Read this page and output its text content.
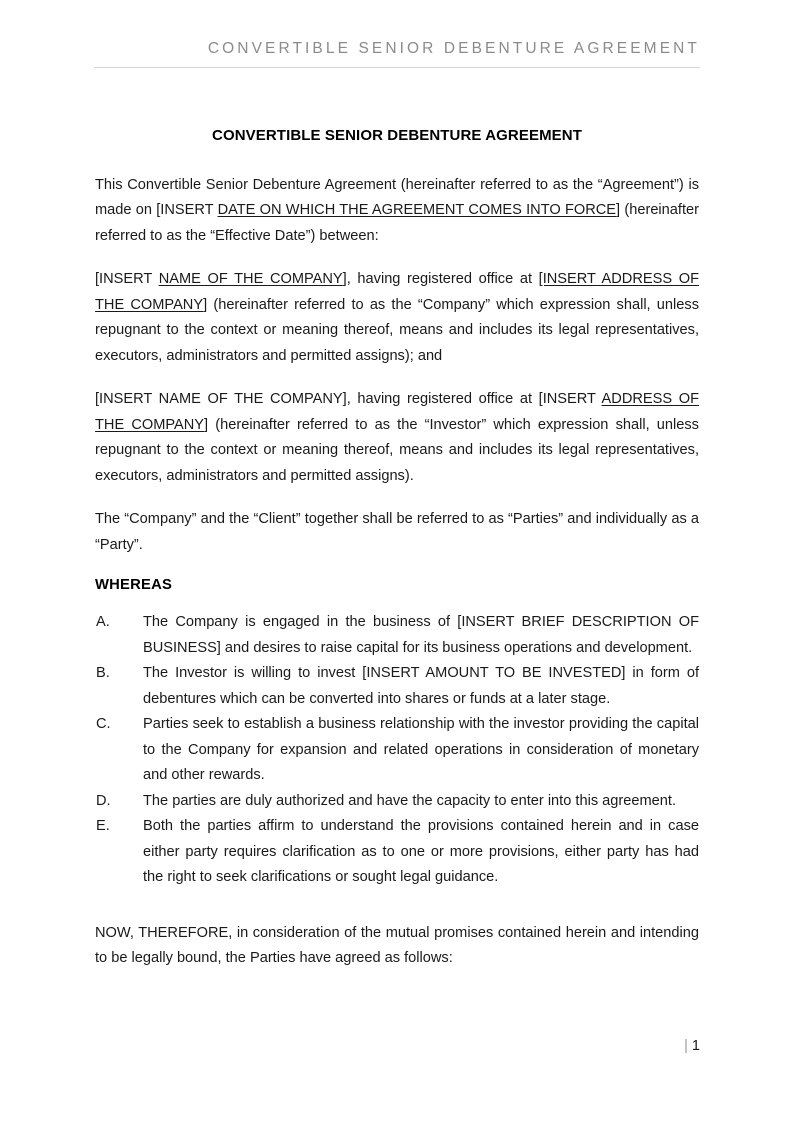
CONVERTIBLE SENIOR DEBENTURE AGREEMENT
CONVERTIBLE SENIOR DEBENTURE AGREEMENT

This Convertible Senior Debenture Agreement (hereinafter referred to as the “Agreement”) is made on [INSERT DATE ON WHICH THE AGREEMENT COMES INTO FORCE] (hereinafter referred to as the “Effective Date”) between:

[INSERT NAME OF THE COMPANY], having registered office at [INSERT ADDRESS OF THE COMPANY] (hereinafter referred to as the “Company” which expression shall, unless repugnant to the context or meaning thereof, means and includes its legal representatives, executors, administrators and permitted assigns); and

[INSERT NAME OF THE COMPANY], having registered office at [INSERT ADDRESS OF THE COMPANY] (hereinafter referred to as the “Investor” which expression shall, unless repugnant to the context or meaning thereof, means and includes its legal representatives, executors, administrators and permitted assigns).

The “Company” and the “Client” together shall be referred to as “Parties” and individually as a “Party”.

WHEREAS
A.	The Company is engaged in the business of [INSERT BRIEF DESCRIPTION OF BUSINESS] and desires to raise capital for its business operations and development.
B.	The Investor is willing to invest [INSERT AMOUNT TO BE INVESTED] in form of debentures which can be converted into shares or funds at a later stage.
C.	Parties seek to establish a business relationship with the investor providing the capital to the Company for expansion and related operations in consideration of monetary and other rewards.
D.	The parties are duly authorized and have the capacity to enter into this agreement.
E.	Both the parties affirm to understand the provisions contained herein and in case either party requires clarification as to one or more provisions, either party has had the right to seek clarifications or sought legal guidance.

NOW, THEREFORE, in consideration of the mutual promises contained herein and intending to be legally bound, the Parties have agreed as follows:

| 1
